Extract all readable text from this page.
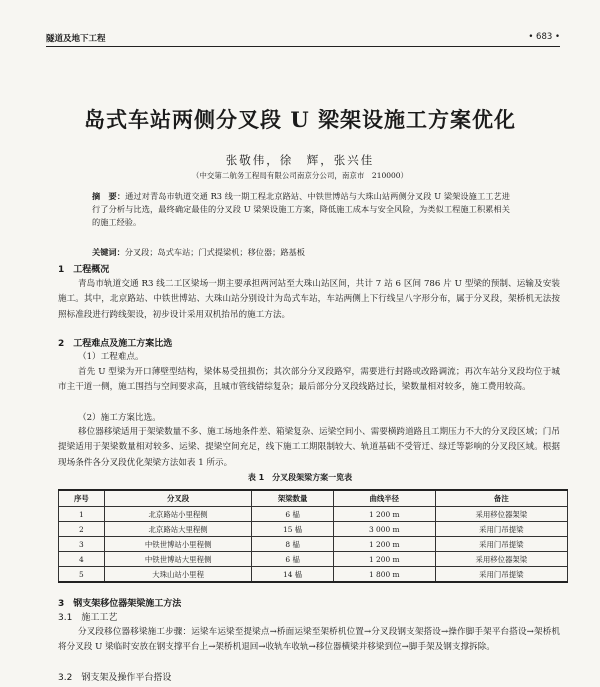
隧道及地下工程	• 683 •
岛式车站两侧分叉段 U 梁架设施工方案优化
张敬伟，徐　辉，张兴佳
（中交第二航务工程局有限公司南京分公司，南京市　210000）
摘　要：通过对青岛市轨道交通 R3 线一期工程北京路站、中铁世博站与大珠山站两侧分叉段 U 梁架设施工工艺进行了分析与比选，最终确定最佳的分叉段 U 梁架设施工方案，降低施工成本与安全风险，为类似工程施工积累相关的施工经验。
关键词：分叉段；岛式车站；门式提梁机；移位器；路基板
1　工程概况
青岛市轨道交通 R3 线二工区梁场一期主要承担两河站至大珠山站区间，共计 7 站 6 区间 786 片 U 型梁的预制、运输及安装施工。其中，北京路站、中铁世博站、大珠山站分别设计为岛式车站，车站两侧上下行线呈八字形分布，属于分叉段，架桥机无法按照标准段进行跨线架设，初步设计采用双机抬吊的施工方法。
2　工程难点及施工方案比选
（1）工程难点。
首先 U 型梁为开口薄壁型结构，梁体易受扭损伤；其次部分分叉段路窄，需要进行封路或改路调流；再次车站分叉段均位于城市主干道一侧，施工围挡与空间要求高，且城市管线错综复杂；最后部分分叉段线路过长，梁数量相对较多，施工费用较高。
（2）施工方案比选。
移位器移梁适用于架梁数量不多、施工场地条件差、箱梁复杂、运梁空间小、需要横跨道路且工期压力不大的分叉段区域；门吊提梁适用于架梁数量相对较多、运梁、提梁空间充足，线下施工工期限制较大、轨道基础不受管迁、绿迁等影响的分叉段区域。根据现场条件各分叉段优化架梁方法如表 1 所示。
表 1　分叉段架梁方案一览表
序号	分叉段	架梁数量	曲线半径	备注
1	北京路站小里程侧	6 榀	1 200 m	采用移位器架梁
2	北京路站大里程侧	15 榀	3 000 m	采用门吊提梁
3	中铁世博站小里程侧	8 榀	1 200 m	采用门吊提梁
4	中铁世博站大里程侧	6 榀	1 200 m	采用移位器架梁
5	大珠山站小里程	14 榀	1 800 m	采用门吊提梁
3　钢支架移位器架梁施工方法
3.1　施工工艺
分叉段移位器移梁施工步骤：运梁车运梁至提梁点→桥面运梁至架桥机位置→分叉段钢支架搭设→操作脚手架平台搭设→架桥机将分叉段 U 梁临时安放在钢支撑平台上→架桥机退回→收轨车收轨→移位器横梁并移梁到位→脚手架及钢支撑拆除。
3.2　钢支架及操作平台搭设
